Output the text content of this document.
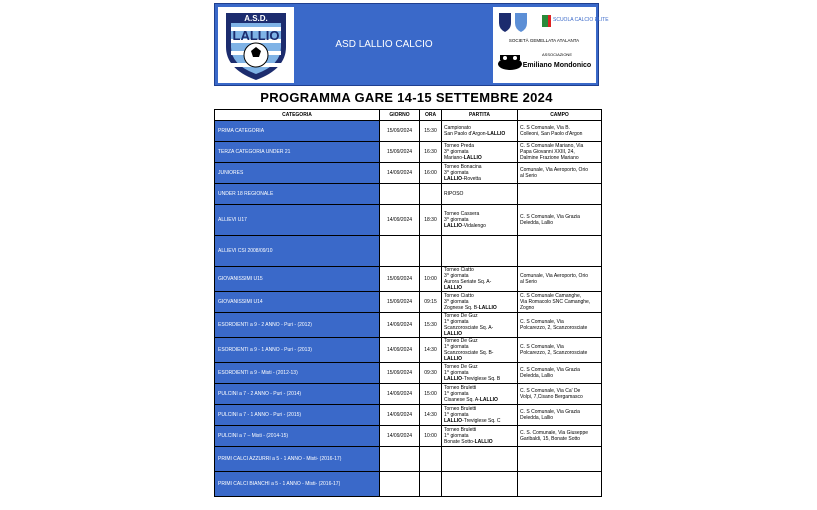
A.S.D.
LALLIO
ASD LALLIO CALCIO
SCUOLA CALCIO ELITE
SOCIETÀ GEMELLATA ATALANTA
ASSOCIAZIONE
Emiliano Mondonico
PROGRAMMA GARE 14-15 SETTEMBRE 2024
CATEGORIA	GIORNO	ORA	PARTITA	CAMPO
PRIMA CATEGORIA	15/09/2024	15:30	Campionato
San Paolo d'Argon-LALLIO	C. S Comunale, Via B.
Colleoni, San Paolo d'Argon
TERZA CATEGORIA UNDER 21	15/09/2024	16:30	Torneo Preda
3^ giornata
Mariano-LALLIO	C. S Comunale Mariano, Via
Papa Giovanni XXIII, 24,
Dalmine Frazione Mariano
JUNIORES	14/09/2024	16:00	Torneo Bonacina
3^ giornata
LALLIO-Rovetta	Comunale, Via Aeroporto, Orio
al Serio
UNDER 18 REGIONALE			RIPOSO	
ALLIEVI U17	14/09/2024	18:30	Torneo Cassera
3^ giornata
LALLIO-Vidalengo	C. S Comunale, Via Grazia
Deledda, Lallio
ALLIEVI CSI 2008/09/10				
GIOVANISSIMI U15	15/09/2024	10:00	Torneo Ciatto
3^ giornata
Aurora Seriate Sq. A-
LALLIO	Comunale, Via Aeroporto, Orio
al Serio
GIOVANISSIMI U14	15/09/2024	09:15	Torneo Ciatto
3^ giornata
Zognese Sq. B-LALLIO	C. S Comunale Camanghe,
Via Romacolo SNC Camanghe,
Zogno
ESORDIENTI a 9 - 2 ANNO - Puri - (2012)	14/09/2024	15:30	Torneo De Guz
1^ giornata
Scanzorosciate Sq. A-
LALLIO	C. S Comunale, Via
Polcarezzo, 2, Scanzorosciate
ESORDIENTI a 9 - 1 ANNO - Puri - (2013)	14/09/2024	14:30	Torneo De Guz
1^ giornata
Scanzorosciate Sq. B-
LALLIO	C. S Comunale, Via
Polcarezzo, 2, Scanzorosciate
ESORDIENTI a 9 - Misti - (2012-13)	15/09/2024	09:30	Torneo De Guz
1^ giornata
LALLIO-Treviglese Sq. B	C. S Comunale, Via Grazia
Deledda, Lallio
PULCINI a 7 - 2 ANNO - Puri - (2014)	14/09/2024	15:00	Torneo Bruletti
1^ giornata
Cisanese Sq. A-LALLIO	C. S Comunale, Via Ca' De
Volpi, 7,Cisano Bergamasco
PULCINI a 7 - 1 ANNO - Puri - (2015)	14/09/2024	14:30	Torneo Bruletti
1^ giornata
LALLIO-Treviglese Sq. C	C. S Comunale, Via Grazia
Deledda, Lallio
PULCINI a 7 – Misti - (2014-15)	14/09/2024	10:00	Torneo Bruletti
1^ giornata
Bonate Sotto-LALLIO	C. S. Comunale, Via Giuseppe
Garibaldi, 15, Bonate Sotto
PRIMI CALCI AZZURRI a 5 - 1 ANNO - Misti- (2016-17)				
PRIMI CALCI BIANCHI a 5 - 1 ANNO - Misti- (2016-17)				
